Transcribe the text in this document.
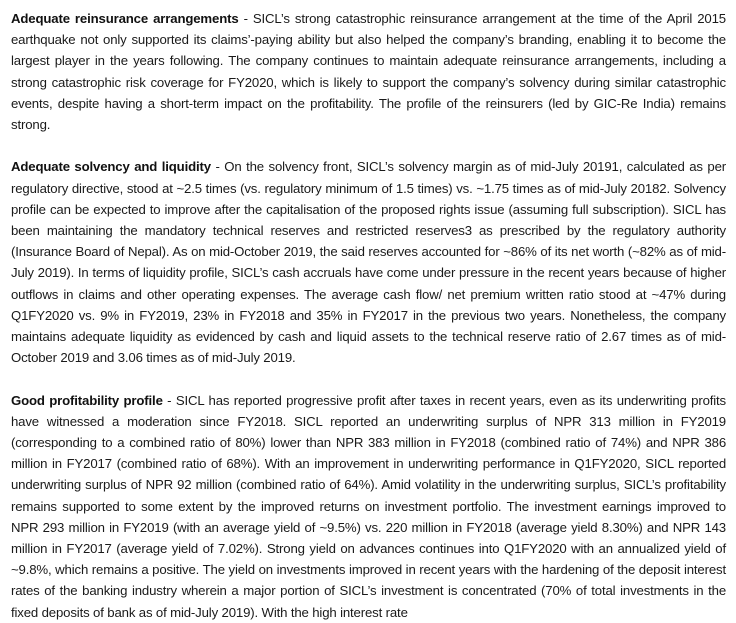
Adequate reinsurance arrangements - SICL’s strong catastrophic reinsurance arrangement at the time of the April 2015 earthquake not only supported its claims’-paying ability but also helped the company’s branding, enabling it to become the largest player in the years following. The company continues to maintain adequate reinsurance arrangements, including a strong catastrophic risk coverage for FY2020, which is likely to support the company’s solvency during similar catastrophic events, despite having a short-term impact on the profitability. The profile of the reinsurers (led by GIC-Re India) remains strong.

Adequate solvency and liquidity - On the solvency front, SICL’s solvency margin as of mid-July 20191, calculated as per regulatory directive, stood at ~2.5 times (vs. regulatory minimum of 1.5 times) vs. ~1.75 times as of mid-July 20182. Solvency profile can be expected to improve after the capitalisation of the proposed rights issue (assuming full subscription). SICL has been maintaining the mandatory technical reserves and restricted reserves3 as prescribed by the regulatory authority (Insurance Board of Nepal). As on mid-October 2019, the said reserves accounted for ~86% of its net worth (~82% as of mid-July 2019). In terms of liquidity profile, SICL’s cash accruals have come under pressure in the recent years because of higher outflows in claims and other operating expenses. The average cash flow/ net premium written ratio stood at ~47% during Q1FY2020 vs. 9% in FY2019, 23% in FY2018 and 35% in FY2017 in the previous two years. Nonetheless, the company maintains adequate liquidity as evidenced by cash and liquid assets to the technical reserve ratio of 2.67 times as of mid-October 2019 and 3.06 times as of mid-July 2019.

Good profitability profile - SICL has reported progressive profit after taxes in recent years, even as its underwriting profits have witnessed a moderation since FY2018. SICL reported an underwriting surplus of NPR 313 million in FY2019 (corresponding to a combined ratio of 80%) lower than NPR 383 million in FY2018 (combined ratio of 74%) and NPR 386 million in FY2017 (combined ratio of 68%). With an improvement in underwriting performance in Q1FY2020, SICL reported underwriting surplus of NPR 92 million (combined ratio of 64%). Amid volatility in the underwriting surplus, SICL’s profitability remains supported to some extent by the improved returns on investment portfolio. The investment earnings improved to NPR 293 million in FY2019 (with an average yield of ~9.5%) vs. 220 million in FY2018 (average yield 8.30%) and NPR 143 million in FY2017 (average yield of 7.02%). Strong yield on advances continues into Q1FY2020 with an annualized yield of ~9.8%, which remains a positive. The yield on investments improved in recent years with the hardening of the deposit interest rates of the banking industry wherein a major portion of SICL’s investment is concentrated (70% of total investments in the fixed deposits of bank as of mid-July 2019). With the high interest rate
